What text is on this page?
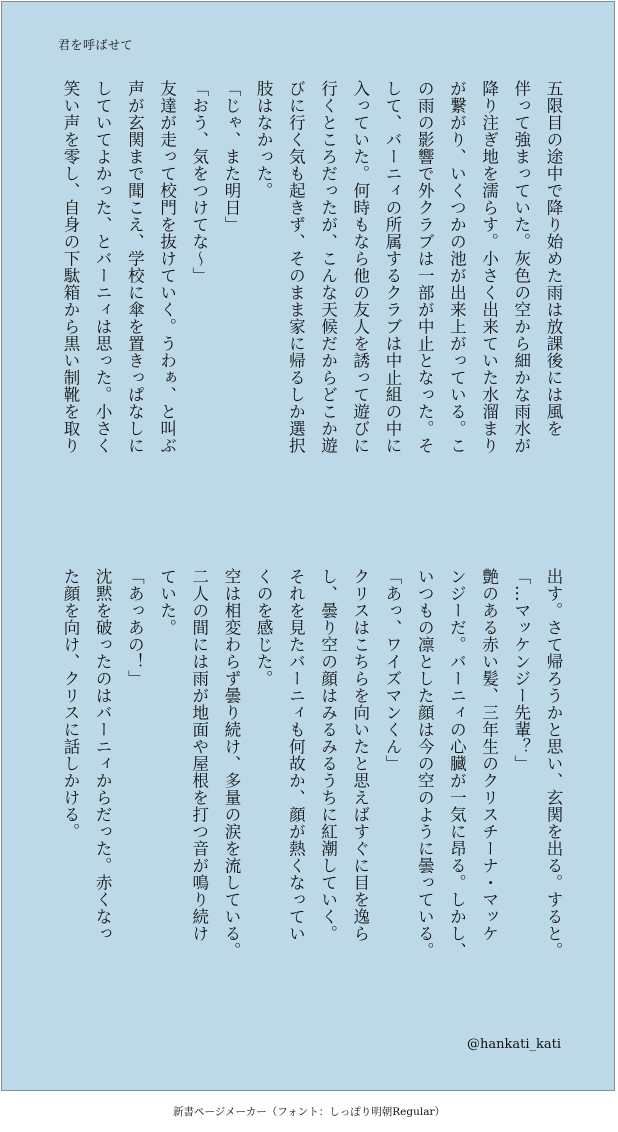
君を呼ばせて
五限目の途中で降り始めた雨は放課後には風を
伴って強まっていた。灰色の空から細かな雨水が
降り注ぎ地を濡らす。小さく出来ていた水溜まり
が繋がり、いくつかの池が出来上がっている。こ
の雨の影響で外クラブは一部が中止となった。そ
して、バーニィの所属するクラブは中止組の中に
入っていた。何時もなら他の友人を誘って遊びに
行くところだったが、こんな天候だからどこか遊
びに行く気も起きず、そのまま家に帰るしか選択
肢はなかった。
「じゃ、また明日」
「おう、気をつけてな～」
友達が走って校門を抜けていく。うわぁ、と叫ぶ
声が玄関まで聞こえ、学校に傘を置きっぱなしに
していてよかった、とバーニィは思った。小さく
笑い声を零し、自身の下駄箱から黒い制靴を取り
出す。さて帰ろうかと思い、玄関を出る。すると。
「…マッケンジー先輩？」
艶のある赤い髪、三年生のクリスチーナ・マッケ
ンジーだ。バーニィの心臓が一気に昂る。しかし、
いつもの凛とした顔は今の空のように曇っている。
「あっ、ワイズマンくん」
クリスはこちらを向いたと思えばすぐに目を逸ら
し、曇り空の顔はみるみるうちに紅潮していく。
それを見たバーニィも何故か、顔が熱くなってい
くのを感じた。
空は相変わらず曇り続け、多量の涙を流している。
二人の間には雨が地面や屋根を打つ音が鳴り続け
ていた。
「あっあの！」
沈黙を破ったのはバーニィからだった。赤くなっ
た顔を向け、クリスに話しかける。
@hankati_kati
新書ページメーカー（フォント：しっぽり明朝Regular）
